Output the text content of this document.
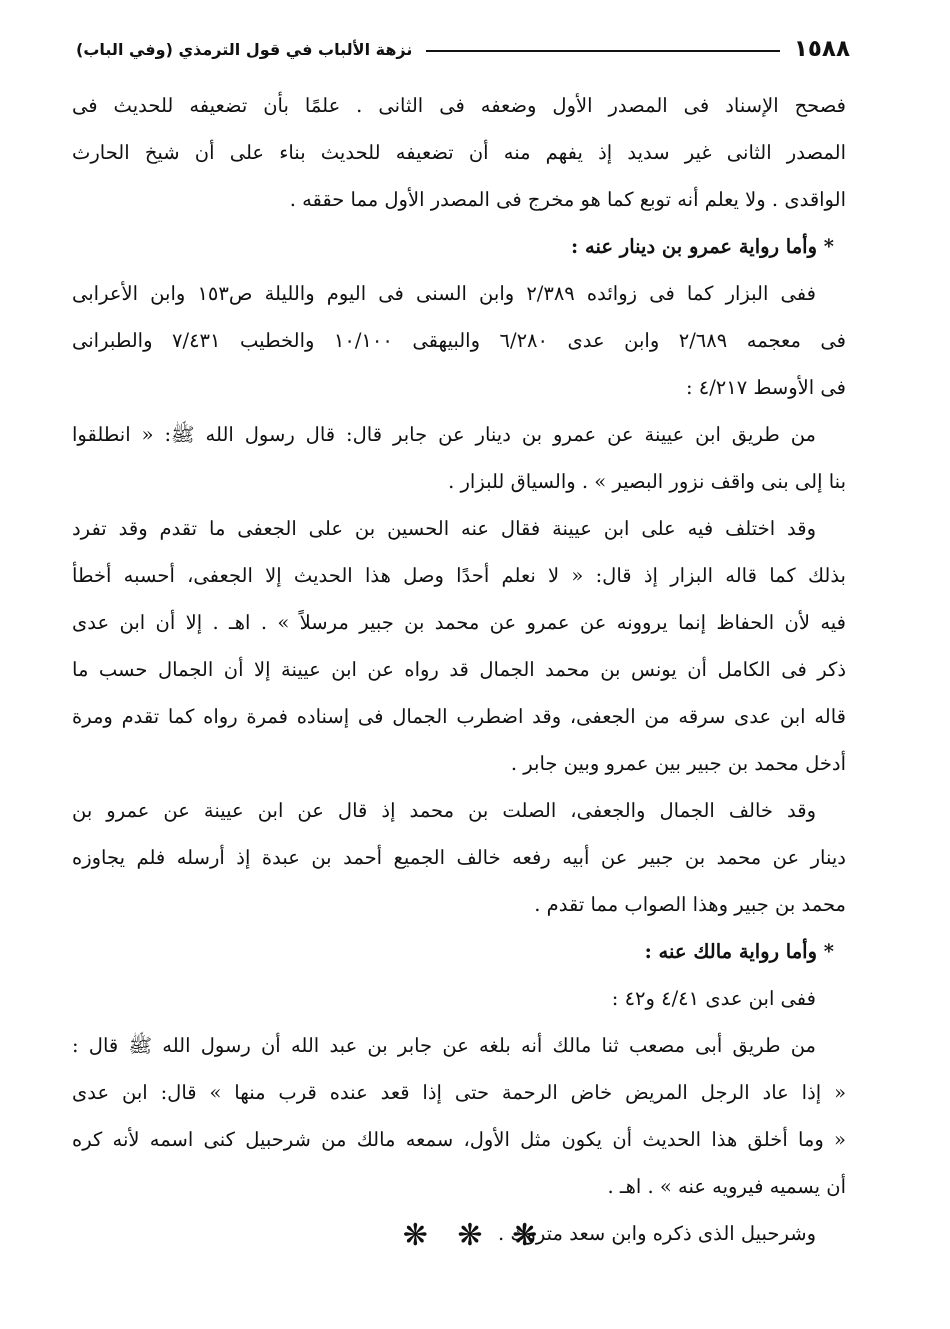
١٥٨٨
نزهة الألباب في قول الترمذي (وفي الباب)
فصحح الإسناد فى المصدر الأول وضعفه فى الثانى . علمًا بأن تضعيفه للحديث فى
المصدر الثانى غير سديد إذ يفهم منه أن تضعيفه للحديث بناء على أن شيخ الحارث
الواقدى . ولا يعلم أنه توبع كما هو مخرج فى المصدر الأول مما حققه .
* وأما رواية عمرو بن دينار عنه :
ففى البزار كما فى زوائده ٢/٣٨٩ وابن السنى فى اليوم والليلة ص١٥٣ وابن الأعرابى
فى معجمه ٢/٦٨٩ وابن عدى ٦/٢٨٠ والبيهقى ١٠/١٠٠ والخطيب ٧/٤٣١ والطبرانى
فى الأوسط ٤/٢١٧ :
من طريق ابن عيينة عن عمرو بن دينار عن جابر قال: قال رسول الله ﷺ: « انطلقوا
بنا إلى بنى واقف نزور البصير » . والسياق للبزار .
وقد اختلف فيه على ابن عيينة فقال عنه الحسين بن على الجعفى ما تقدم وقد تفرد
بذلك كما قاله البزار إذ قال: « لا نعلم أحدًا وصل هذا الحديث إلا الجعفى، أحسبه أخطأ
فيه لأن الحفاظ إنما يروونه عن عمرو عن محمد بن جبير مرسلاً » . اهـ . إلا أن ابن عدى
ذكر فى الكامل أن يونس بن محمد الجمال قد رواه عن ابن عيينة إلا أن الجمال حسب ما
قاله ابن عدى سرقه من الجعفى، وقد اضطرب الجمال فى إسناده فمرة رواه كما تقدم ومرة
أدخل محمد بن جبير بين عمرو وبين جابر .
وقد خالف الجمال والجعفى، الصلت بن محمد إذ قال عن ابن عيينة عن عمرو بن
دينار عن محمد بن جبير عن أبيه رفعه خالف الجميع أحمد بن عبدة إذ أرسله فلم يجاوزه
محمد بن جبير وهذا الصواب مما تقدم .
* وأما رواية مالك عنه :
ففى ابن عدى ٤/٤١ و٤٢ :
من طريق أبى مصعب ثنا مالك أنه بلغه عن جابر بن عبد الله أن رسول الله ﷺ قال :
« إذا عاد الرجل المريض خاض الرحمة حتى إذا قعد عنده قرب منها » قال: ابن عدى
« وما أخلق هذا الحديث أن يكون مثل الأول، سمعه مالك من شرحبيل كنى اسمه لأنه كره
أن يسميه فيرويه عنه » . اهـ .
وشرحبيل الذى ذكره وابن سعد متروك .
❋ ❋ ❋
